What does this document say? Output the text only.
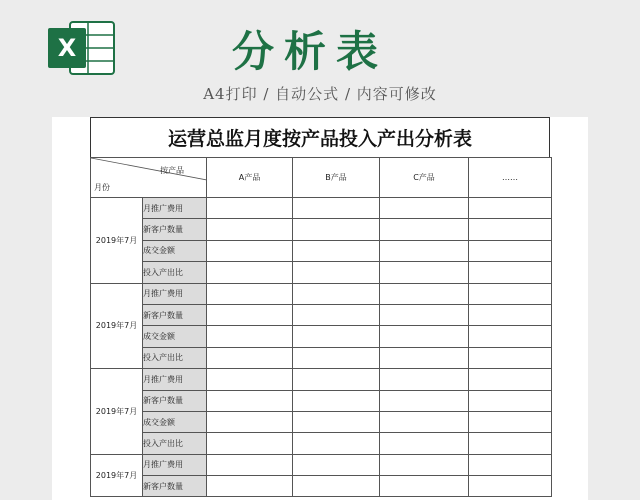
X	分析表
A4打印 / 自动公式 / 内容可修改
运营总监月度按产品投入产出分析表
按产品
月份		A产品	B产品	C产品	……
2019年7月	月推广费用				
	新客户数量				
	成交金额				
	投入产出比				
2019年7月	月推广费用				
	新客户数量				
	成交金额				
	投入产出比				
2019年7月	月推广费用				
	新客户数量				
	成交金额				
	投入产出比				
2019年7月	月推广费用				
	新客户数量				
